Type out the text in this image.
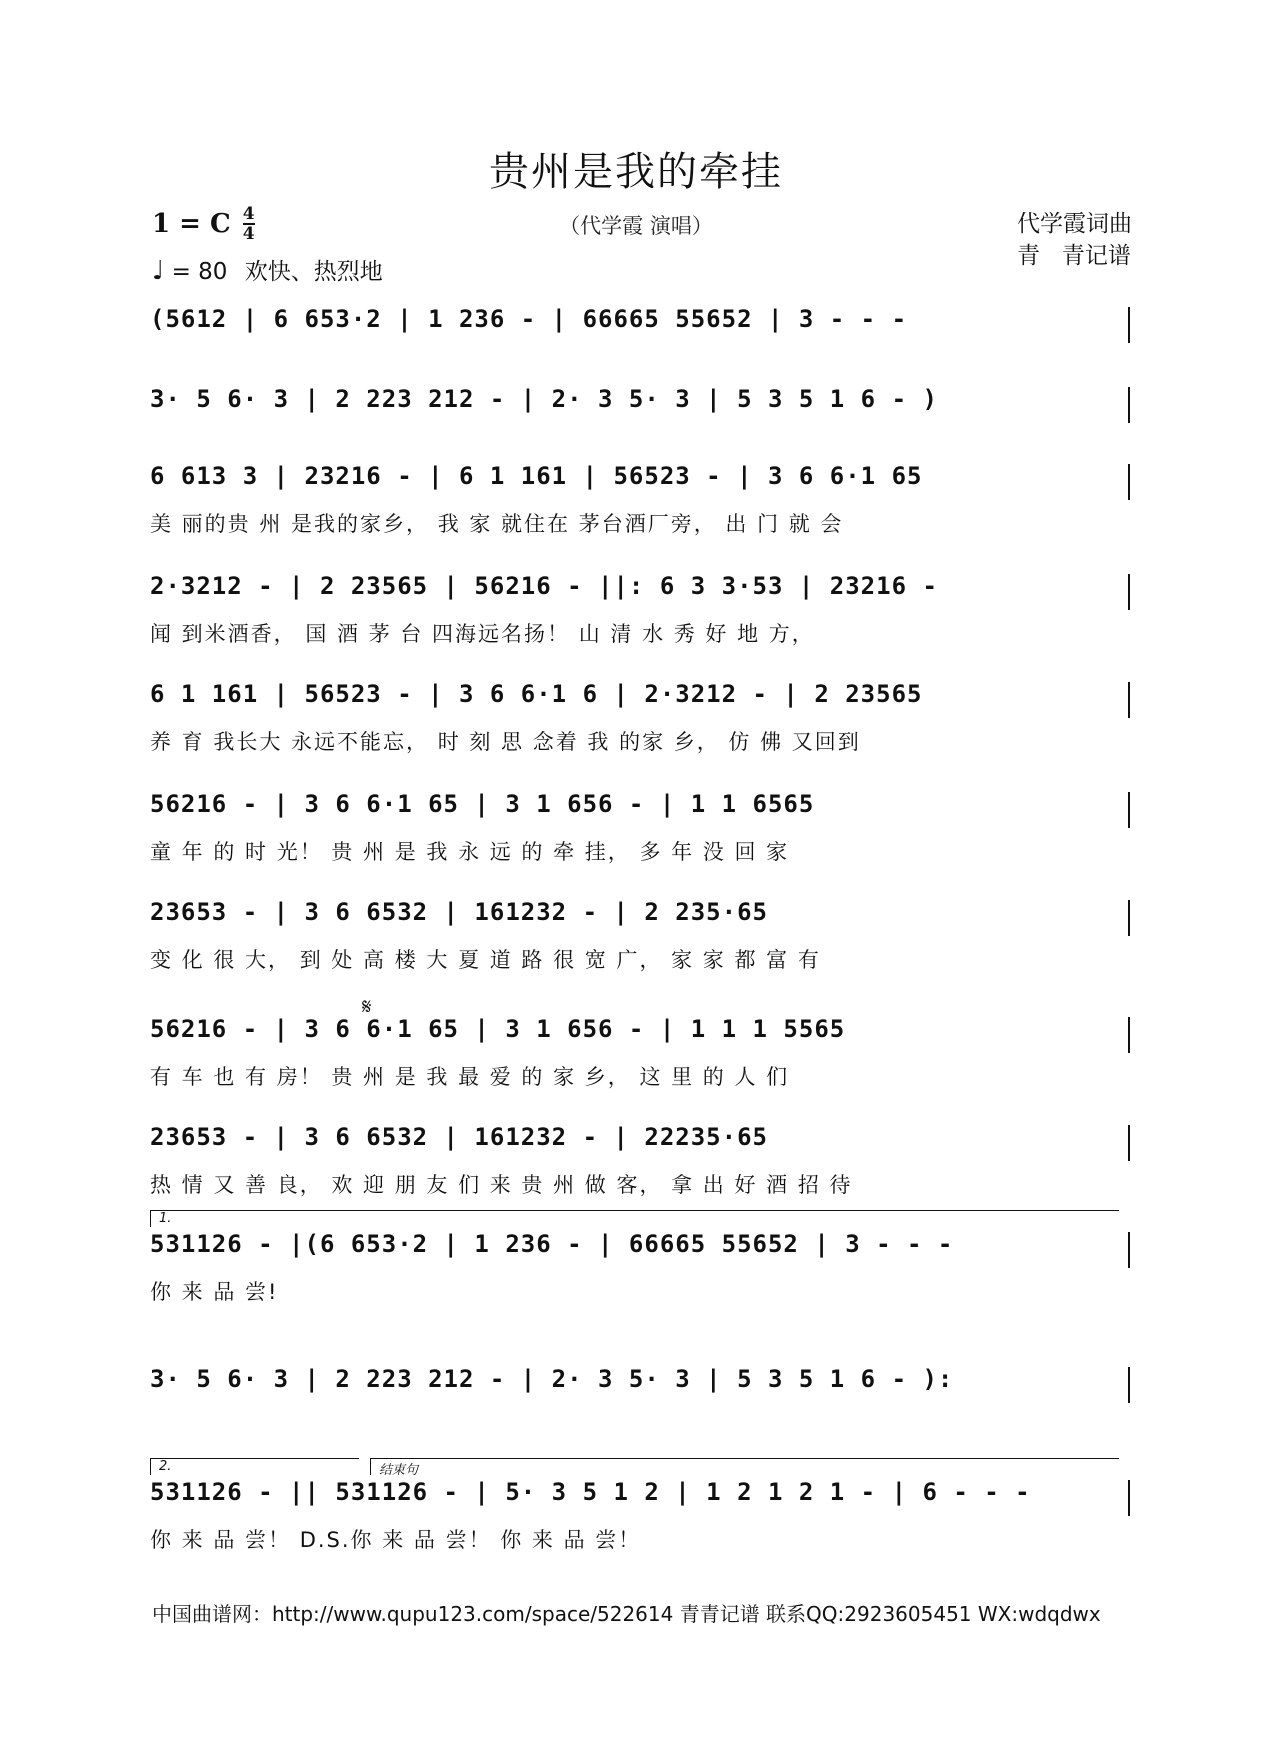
贵州是我的牵挂
1 = C 4
4
♩ = 80 欢快、热烈地
（代学霞 演唱）	代学霞词曲
青   青记谱
(5612 | 6 653·2 | 1 236 - | 66665 55652 | 3 - - -
3· 5 6· 3 | 2 223 212 - | 2· 3 5· 3 | 5 3 5 1 6 - )
6 613 3 | 23216 - | 6 1 161 | 56523 - | 3 6 6·1 65
美 丽的贵 州 是我的家乡， 我 家 就住在 茅台酒厂旁， 出 门 就 会
2·3212 - | 2 23565 | 56216 - ||: 6 3 3·53 | 23216 -
闻 到米酒香， 国 酒 茅 台 四海远名扬！ 山 清 水 秀 好 地 方，
6 1 161 | 56523 - | 3 6 6·1 6 | 2·3212 - | 2 23565
养 育 我长大 永远不能忘， 时 刻 思 念着 我 的家 乡， 仿 佛 又回到
56216 - | 3 6 6·1 65 | 3 1 656 - | 1 1 6565
童 年 的 时 光！ 贵 州 是 我 永 远 的 牵 挂， 多 年 没 回 家
23653 - | 3 6 6532 | 161232 - | 2 235·65
变 化 很 大， 到 处 高 楼 大 夏 道 路 很 宽 广， 家 家 都 富 有
56216 - | 3 6 6·1 65 | 3 1 656 - | 1 1 1 5565
有 车 也 有 房！ 贵 州 是 我 最 爱 的 家 乡， 这 里 的 人 们
23653 - | 3 6 6532 | 161232 - | 22235·65
热 情 又 善 良， 欢 迎 朋 友 们 来 贵 州 做 客， 拿 出 好 酒 招 待
1.
531126 - |(6 653·2 | 1 236 - | 66665 55652 | 3 - - -
你 来 品 尝!
3· 5 6· 3 | 2 223 212 - | 2· 3 5· 3 | 5 3 5 1 6 - ):
2.	结束句
531126 - || 531126 - | 5· 3 5 1 2 | 1 2 1 2 1 - | 6 - - -
你 来 品 尝！ D.S.你 来 品 尝！ 你 来 品 尝！
𝄋
中国曲谱网：http://www.qupu123.com/space/522614 青青记谱 联系QQ:2923605451 WX:wdqdwx
